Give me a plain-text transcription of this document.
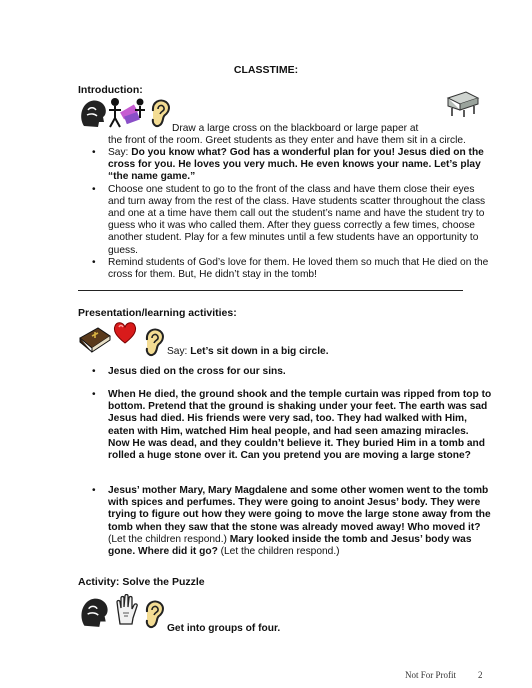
CLASSTIME:
Introduction:
Draw a large cross on the blackboard or large paper at
the front of the room. Greet students as they enter and have them sit in a circle.
• Say: Do you know what? God has a wonderful plan for you! Jesus died on the cross for you. He loves you very much. He even knows your name. Let’s play “the name game.”
• Choose one student to go to the front of the class and have them close their eyes and turn away from the rest of the class. Have students scatter throughout the class and one at a time have them call out the student’s name and have the student try to guess who it was who called them. After they guess correctly a few times, choose another student. Play for a few minutes until a few students have an opportunity to guess.
• Remind students of God’s love for them. He loved them so much that He died on the cross for them. But, He didn’t stay in the tomb!
Presentation/learning activities:
Say: Let’s sit down in a big circle.
• Jesus died on the cross for our sins.
• When He died, the ground shook and the temple curtain was ripped from top to bottom. Pretend that the ground is shaking under your feet. The earth was sad Jesus had died. His friends were very sad, too. They had walked with Him, eaten with Him, watched Him heal people, and had seen amazing miracles. Now He was dead, and they couldn’t believe it. They buried Him in a tomb and rolled a huge stone over it. Can you pretend you are moving a large stone?
• Jesus’ mother Mary, Mary Magdalene and some other women went to the tomb with spices and perfumes. They were going to anoint Jesus’ body. They were trying to figure out how they were going to move the large stone away from the tomb when they saw that the stone was already moved away! Who moved it? (Let the children respond.) Mary looked inside the tomb and Jesus’ body was gone. Where did it go? (Let the children respond.)
Activity: Solve the Puzzle
Get into groups of four.
Not For Profit 2
